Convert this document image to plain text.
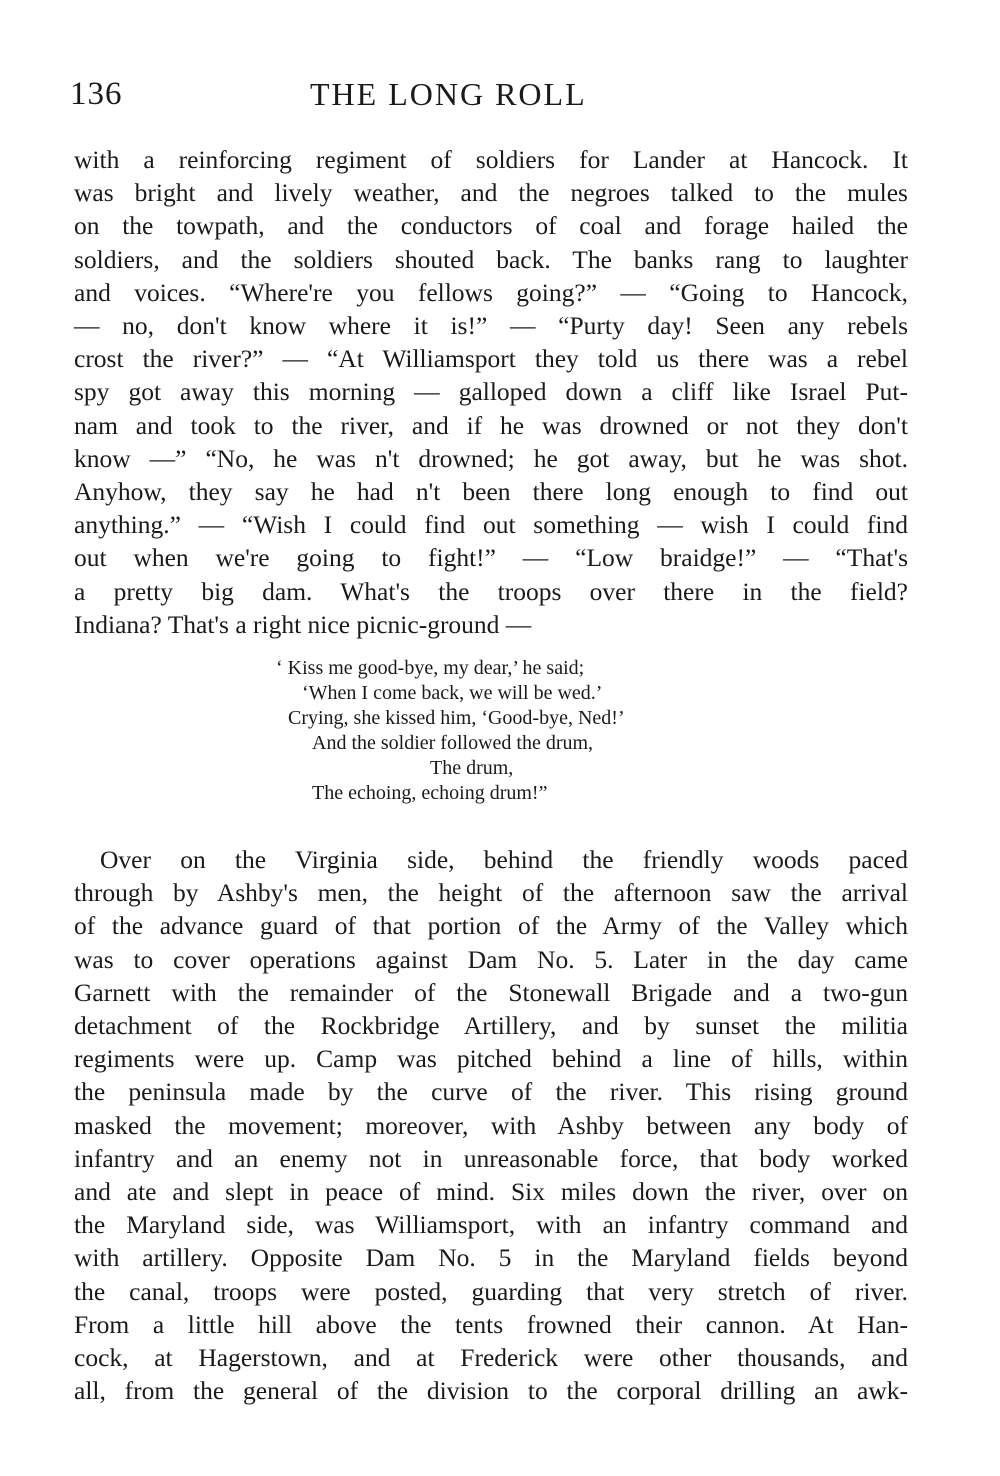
136	THE LONG ROLL
with a reinforcing regiment of soldiers for Lander at Hancock. It
was bright and lively weather, and the negroes talked to the mules
on the towpath, and the conductors of coal and forage hailed the
soldiers, and the soldiers shouted back. The banks rang to laughter
and voices. “Where're you fellows going?” — “Going to Hancock,
— no, don't know where it is!” — “Purty day! Seen any rebels
crost the river?” — “At Williamsport they told us there was a rebel
spy got away this morning — galloped down a cliff like Israel Put-
nam and took to the river, and if he was drowned or not they don't
know —” “No, he was n't drowned; he got away, but he was shot.
Anyhow, they say he had n't been there long enough to find out
anything.” — “Wish I could find out something — wish I could find
out when we're going to fight!” — “Low braidge!” — “That's
a pretty big dam. What's the troops over there in the field?
Indiana? That's a right nice picnic-ground —
‘ Kiss me good-bye, my dear,’ he said;
‘When I come back, we will be wed.’
Crying, she kissed him, ‘Good-bye, Ned!’
And the soldier followed the drum,
The drum,
The echoing, echoing drum!”
Over on the Virginia side, behind the friendly woods paced
through by Ashby's men, the height of the afternoon saw the arrival
of the advance guard of that portion of the Army of the Valley which
was to cover operations against Dam No. 5. Later in the day came
Garnett with the remainder of the Stonewall Brigade and a two-gun
detachment of the Rockbridge Artillery, and by sunset the militia
regiments were up. Camp was pitched behind a line of hills, within
the peninsula made by the curve of the river. This rising ground
masked the movement; moreover, with Ashby between any body of
infantry and an enemy not in unreasonable force, that body worked
and ate and slept in peace of mind. Six miles down the river, over on
the Maryland side, was Williamsport, with an infantry command and
with artillery. Opposite Dam No. 5 in the Maryland fields beyond
the canal, troops were posted, guarding that very stretch of river.
From a little hill above the tents frowned their cannon. At Han-
cock, at Hagerstown, and at Frederick were other thousands, and
all, from the general of the division to the corporal drilling an awk-
